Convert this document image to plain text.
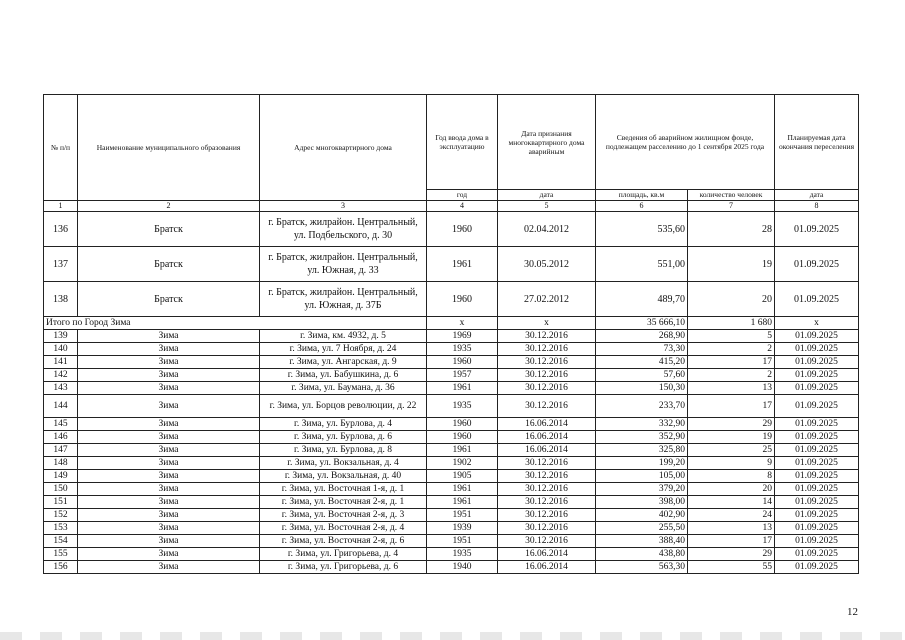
№ п/п	Наименование муниципального образования	Адрес многоквартирного дома	Год ввода дома в эксплуатацию	Дата признания многоквартирного дома аварийным	Сведения об аварийном жилищном фонде, подлежащем расселению до 1 сентября 2025 года		Планируемая дата окончания переселения
			год	дата	площадь, кв.м	количество человек	дата
1	2	3	4	5	6	7	8
136	Братск	г. Братск, жилрайон. Центральный, ул. Подбельского, д. 30	1960	02.04.2012	535,60	28	01.09.2025
137	Братск	г. Братск, жилрайон. Центральный, ул. Южная, д. 33	1961	30.05.2012	551,00	19	01.09.2025
138	Братск	г. Братск, жилрайон. Центральный, ул. Южная, д. 37Б	1960	27.02.2012	489,70	20	01.09.2025
Итого по Город Зима			х	х	35 666,10	1 680	х
139	Зима	г. Зима, км. 4932, д. 5	1969	30.12.2016	268,90	5	01.09.2025
140	Зима	г. Зима, ул. 7 Ноября, д. 24	1935	30.12.2016	73,30	2	01.09.2025
141	Зима	г. Зима, ул. Ангарская, д. 9	1960	30.12.2016	415,20	17	01.09.2025
142	Зима	г. Зима, ул. Бабушкина, д. 6	1957	30.12.2016	57,60	2	01.09.2025
143	Зима	г. Зима, ул. Баумана, д. 36	1961	30.12.2016	150,30	13	01.09.2025
144	Зима	г. Зима, ул. Борцов революции, д. 22	1935	30.12.2016	233,70	17	01.09.2025
145	Зима	г. Зима, ул. Бурлова, д. 4	1960	16.06.2014	332,90	29	01.09.2025
146	Зима	г. Зима, ул. Бурлова, д. 6	1960	16.06.2014	352,90	19	01.09.2025
147	Зима	г. Зима, ул. Бурлова, д. 8	1961	16.06.2014	325,80	25	01.09.2025
148	Зима	г. Зима, ул. Вокзальная, д. 4	1902	30.12.2016	199,20	9	01.09.2025
149	Зима	г. Зима, ул. Вокзальная, д. 40	1905	30.12.2016	105,00	8	01.09.2025
150	Зима	г. Зима, ул. Восточная 1-я, д. 1	1961	30.12.2016	379,20	20	01.09.2025
151	Зима	г. Зима, ул. Восточная 2-я, д. 1	1961	30.12.2016	398,00	14	01.09.2025
152	Зима	г. Зима, ул. Восточная 2-я, д. 3	1951	30.12.2016	402,90	24	01.09.2025
153	Зима	г. Зима, ул. Восточная 2-я, д. 4	1939	30.12.2016	255,50	13	01.09.2025
154	Зима	г. Зима, ул. Восточная 2-я, д. 6	1951	30.12.2016	388,40	17	01.09.2025
155	Зима	г. Зима, ул. Григорьева, д. 4	1935	16.06.2014	438,80	29	01.09.2025
156	Зима	г. Зима, ул. Григорьева, д. 6	1940	16.06.2014	563,30	55	01.09.2025
12
